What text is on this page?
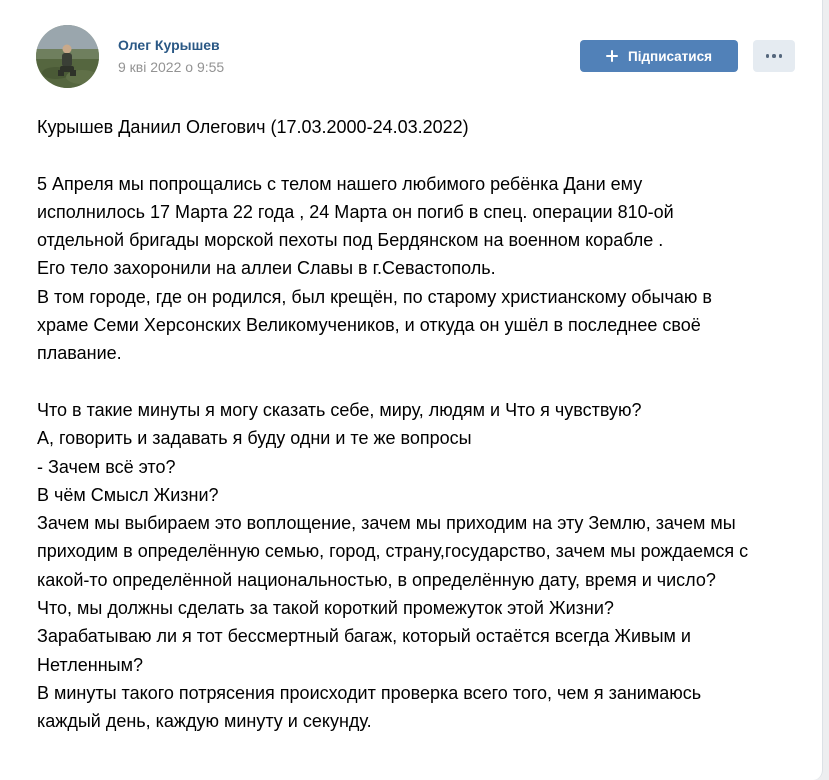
Олег Курышев
9 кві 2022 о 9:55
Підписатися
Курышев Даниил Олегович (17.03.2000-24.03.2022)
5 Апреля мы попрощались с телом нашего любимого ребёнка Дани ему
исполнилось 17 Марта 22 года , 24 Марта он погиб в спец. операции 810-ой
отдельной бригады морской пехоты под Бердянском на военном корабле .
Его тело захоронили на аллеи Славы в г.Севастополь.
В том городе, где он родился, был крещён, по старому христианскому обычаю в
храме Семи Херсонских Великомучеников, и откуда он ушёл в последнее своё
плавание.
Что в такие минуты я могу сказать себе, миру, людям и Что я чувствую?
А, говорить и задавать я буду одни и те же вопросы
- Зачем всё это?
В чём Смысл Жизни?
Зачем мы выбираем это воплощение, зачем мы приходим на эту Землю, зачем мы
приходим в определённую семью, город, страну,государство, зачем мы рождаемся с
какой-то определённой национальностью, в определённую дату, время и число?
Что, мы должны сделать за такой короткий промежуток этой Жизни?
Зарабатываю ли я тот бессмертный багаж, который остаётся всегда Живым и
Нетленным?
В минуты такого потрясения происходит проверка всего того, чем я занимаюсь
каждый день, каждую минуту и секунду.
